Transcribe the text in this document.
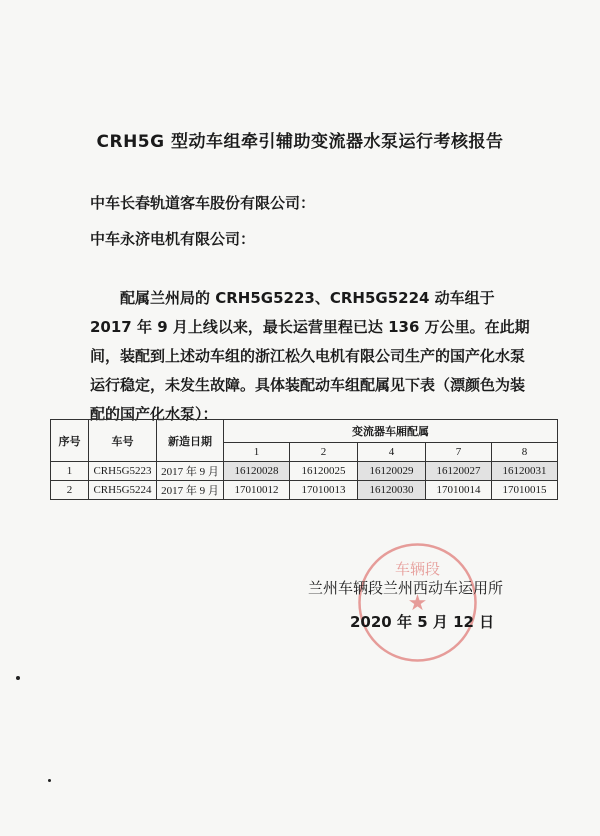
CRH5G 型动车组牵引辅助变流器水泵运行考核报告
中车长春轨道客车股份有限公司：
中车永济电机有限公司：

配属兰州局的 CRH5G5223、CRH5G5224 动车组于 2017 年 9 月上线以来，最长运营里程已达 136 万公里。在此期间，装配到上述动车组的浙江松久电机有限公司生产的国产化水泵运行稳定，未发生故障。具体装配动车组配属见下表（漂颜色为装配的国产化水泵）：

序号	车号	新造日期	变流器车厢配属				
			1	2	4	7	8
1	CRH5G5223	2017 年 9 月	16120028	16120025	16120029	16120027	16120031
2	CRH5G5224	2017 年 9 月	17010012	17010013	16120030	17010014	17010015
车辆段
★
兰州车辆段兰州西动车运用所
2020 年 5 月 12 日
